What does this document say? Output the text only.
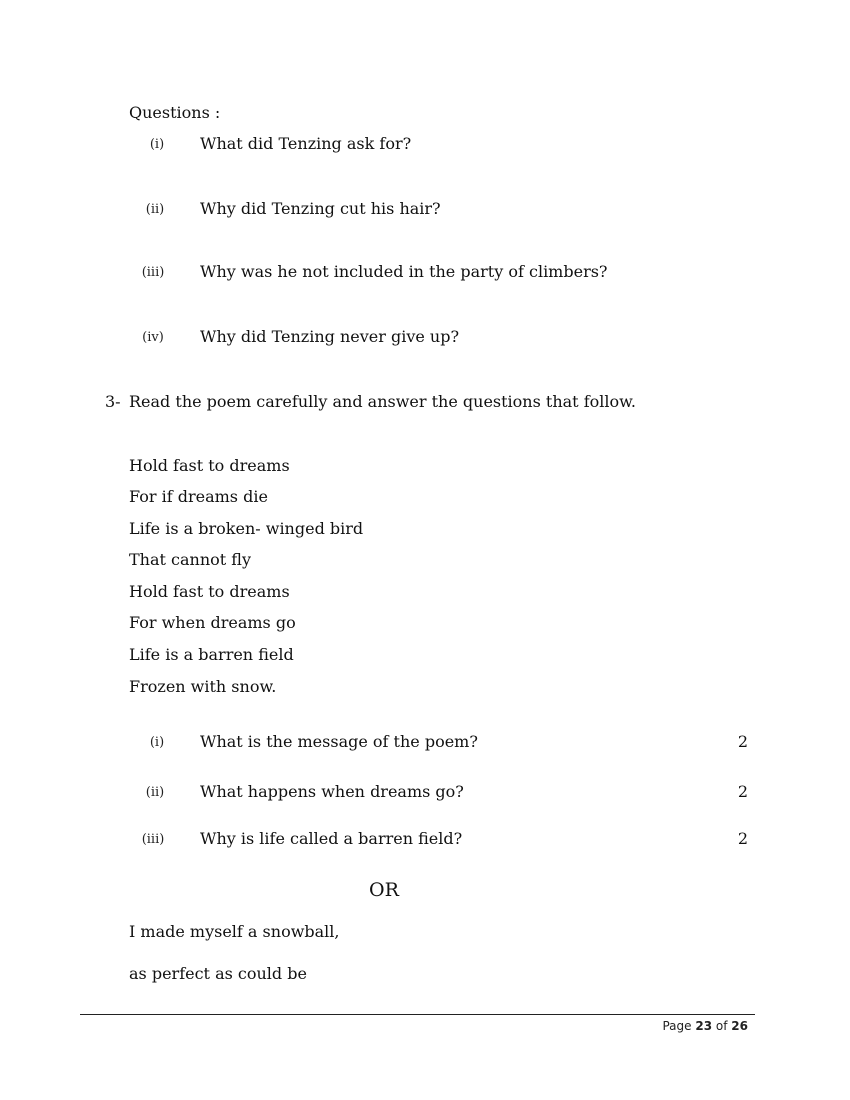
Questions :
(i)	What did Tenzing ask for?
(ii)	Why did Tenzing cut his hair?
(iii) Why was he not included in the party of climbers?
(iv) Why did Tenzing never give up?
3- Read the poem carefully and answer the questions that follow.
Hold fast to dreams
For if dreams die
Life is a broken- winged bird
That cannot fly
Hold fast to dreams
For when dreams go
Life is a barren field
Frozen with snow.
(i)	What is the message of the poem?	2
(ii)	What happens when dreams go?	2
(iii) Why is life called a barren field?	2
OR
I made myself a snowball,
as perfect as could be
Page 23 of 26
